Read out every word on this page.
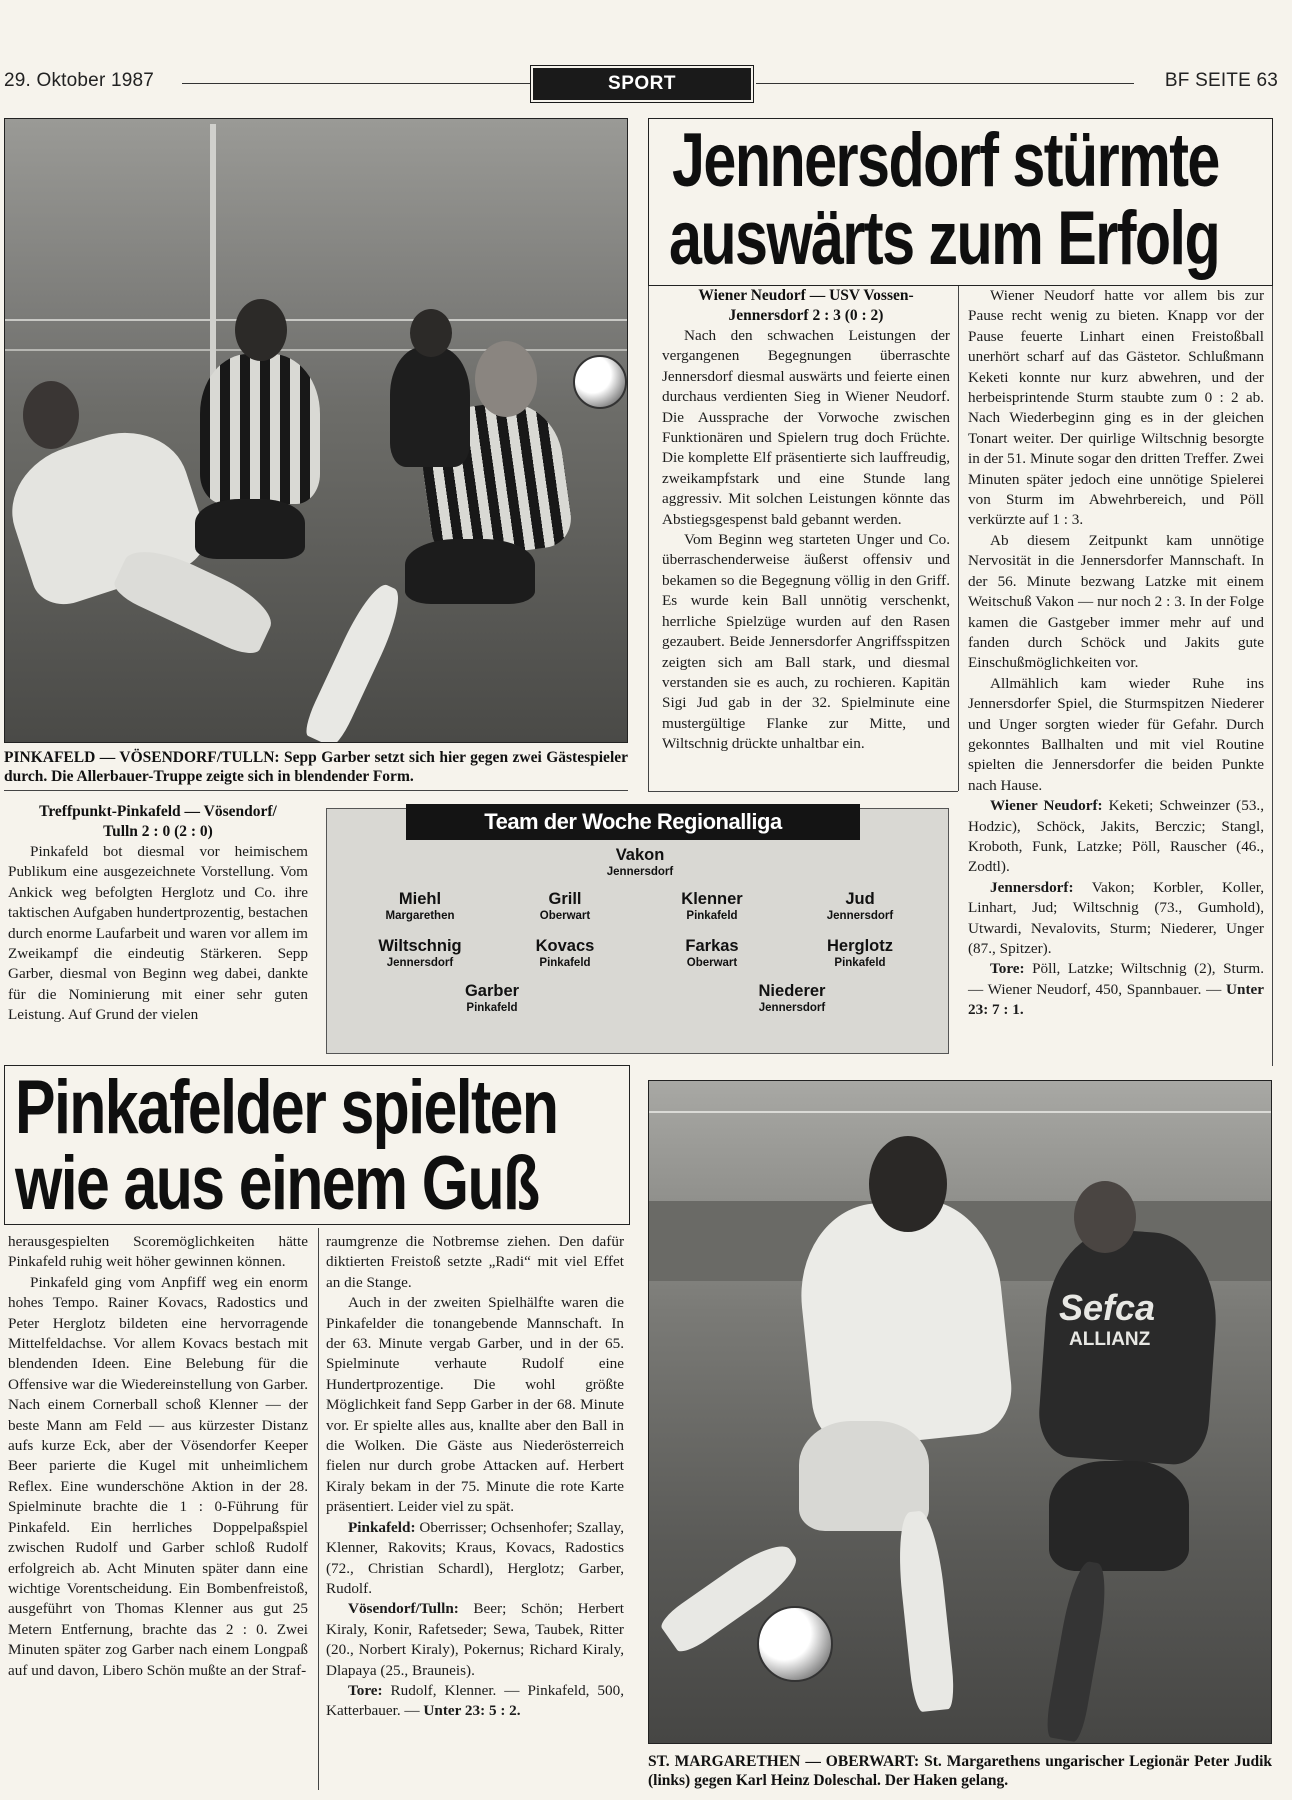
29. Oktober 1987	SPORT	BF SEITE 63
PINKAFELD — VÖSENDORF/TULLN: Sepp Garber setzt sich hier gegen zwei Gästespieler durch. Die Allerbauer-Truppe zeigte sich in blendender Form.
Jennersdorf stürmte
auswärts zum Erfolg
Wiener Neudorf — USV Vossen-
Jennersdorf 2 : 3 (0 : 2)

Nach den schwachen Leistungen der vergangenen Begegnungen überraschte Jennersdorf diesmal auswärts und feierte einen durchaus verdienten Sieg in Wiener Neudorf. Die Aussprache der Vorwoche zwischen Funktionären und Spielern trug doch Früchte. Die komplette Elf präsentierte sich lauffreudig, zweikampfstark und eine Stunde lang aggressiv. Mit solchen Leistungen könnte das Abstiegsgespenst bald gebannt werden.

Vom Beginn weg starteten Unger und Co. überraschenderweise äußerst offensiv und bekamen so die Begegnung völlig in den Griff. Es wurde kein Ball unnötig verschenkt, herrliche Spielzüge wurden auf den Rasen gezaubert. Beide Jennersdorfer Angriffsspitzen zeigten sich am Ball stark, und diesmal verstanden sie es auch, zu rochieren. Kapitän Sigi Jud gab in der 32. Spielminute eine mustergültige Flanke zur Mitte, und Wiltschnig drückte unhaltbar ein.

Wiener Neudorf hatte vor allem bis zur Pause recht wenig zu bieten. Knapp vor der Pause feuerte Linhart einen Freistoßball unerhört scharf auf das Gästetor. Schlußmann Keketi konnte nur kurz abwehren, und der herbeisprintende Sturm staubte zum 0 : 2 ab. Nach Wiederbeginn ging es in der gleichen Tonart weiter. Der quirlige Wiltschnig besorgte in der 51. Minute sogar den dritten Treffer. Zwei Minuten später jedoch eine unnötige Spielerei von Sturm im Abwehrbereich, und Pöll verkürzte auf 1 : 3.

Ab diesem Zeitpunkt kam unnötige Nervosität in die Jennersdorfer Mannschaft. In der 56. Minute bezwang Latzke mit einem Weitschuß Vakon — nur noch 2 : 3. In der Folge kamen die Gastgeber immer mehr auf und fanden durch Schöck und Jakits gute Einschußmöglichkeiten vor.

Allmählich kam wieder Ruhe ins Jennersdorfer Spiel, die Sturmspitzen Niederer und Unger sorgten wieder für Gefahr. Durch gekonntes Ballhalten und mit viel Routine spielten die Jennersdorfer die beiden Punkte nach Hause.

Wiener Neudorf: Keketi; Schweinzer (53., Hodzic), Schöck, Jakits, Berczic; Stangl, Kroboth, Funk, Latzke; Pöll, Rauscher (46., Zodtl).

Jennersdorf: Vakon; Korbler, Koller, Linhart, Jud; Wiltschnig (73., Gumhold), Utwardi, Nevalovits, Sturm; Niederer, Unger (87., Spitzer).

Tore: Pöll, Latzke; Wiltschnig (2), Sturm. — Wiener Neudorf, 450, Spannbauer. — Unter 23: 7 : 1.

Treffpunkt-Pinkafeld — Vösendorf/
Tulln 2 : 0 (2 : 0)

Pinkafeld bot diesmal vor heimischem Publikum eine ausgezeichnete Vorstellung. Vom Ankick weg befolgten Herglotz und Co. ihre taktischen Aufgaben hundertprozentig, bestachen durch enorme Laufarbeit und waren vor allem im Zweikampf die eindeutig Stärkeren. Sepp Garber, diesmal von Beginn weg dabei, dankte für die Nominierung mit einer sehr guten Leistung. Auf Grund der vielen

Team der Woche Regionalliga
Vakon
Jennersdorf
Miehl
Margarethen
Grill
Oberwart
Klenner
Pinkafeld
Jud
Jennersdorf
Wiltschnig
Jennersdorf
Kovacs
Pinkafeld
Farkas
Oberwart
Herglotz
Pinkafeld
Garber
Pinkafeld
Niederer
Jennersdorf
Pinkafelder spielten
wie aus einem Guß

herausgespielten Scoremöglichkeiten hätte Pinkafeld ruhig weit höher gewinnen können.

Pinkafeld ging vom Anpfiff weg ein enorm hohes Tempo. Rainer Kovacs, Radostics und Peter Herglotz bildeten eine hervorragende Mittelfeldachse. Vor allem Kovacs bestach mit blendenden Ideen. Eine Belebung für die Offensive war die Wiedereinstellung von Garber. Nach einem Cornerball schoß Klenner — der beste Mann am Feld — aus kürzester Distanz aufs kurze Eck, aber der Vösendorfer Keeper Beer parierte die Kugel mit unheimlichem Reflex. Eine wunderschöne Aktion in der 28. Spielminute brachte die 1 : 0-Führung für Pinkafeld. Ein herrliches Doppelpaßspiel zwischen Rudolf und Garber schloß Rudolf erfolgreich ab. Acht Minuten später dann eine wichtige Vorentscheidung. Ein Bombenfreistoß, ausgeführt von Thomas Klenner aus gut 25 Metern Entfernung, brachte das 2 : 0. Zwei Minuten später zog Garber nach einem Longpaß auf und davon, Libero Schön mußte an der Straf-

raumgrenze die Notbremse ziehen. Den dafür diktierten Freistoß setzte „Radi“ mit viel Effet an die Stange.

Auch in der zweiten Spielhälfte waren die Pinkafelder die tonangebende Mannschaft. In der 63. Minute vergab Garber, und in der 65. Spielminute verhaute Rudolf eine Hundertprozentige. Die wohl größte Möglichkeit fand Sepp Garber in der 68. Minute vor. Er spielte alles aus, knallte aber den Ball in die Wolken. Die Gäste aus Niederösterreich fielen nur durch grobe Attacken auf. Herbert Kiraly bekam in der 75. Minute die rote Karte präsentiert. Leider viel zu spät.

Pinkafeld: Oberrisser; Ochsenhofer; Szallay, Klenner, Rakovits; Kraus, Kovacs, Radostics (72., Christian Schardl), Herglotz; Garber, Rudolf.

Vösendorf/Tulln: Beer; Schön; Herbert Kiraly, Konir, Rafetseder; Sewa, Taubek, Ritter (20., Norbert Kiraly), Pokernus; Richard Kiraly, Dlapaya (25., Brauneis).

Tore: Rudolf, Klenner. — Pinkafeld, 500, Katterbauer. — Unter 23: 5 : 2.

Sefca
ALLIANZ
ST. MARGARETHEN — OBERWART: St. Margarethens ungarischer Legionär Peter Judik (links) gegen Karl Heinz Doleschal. Der Haken gelang.
